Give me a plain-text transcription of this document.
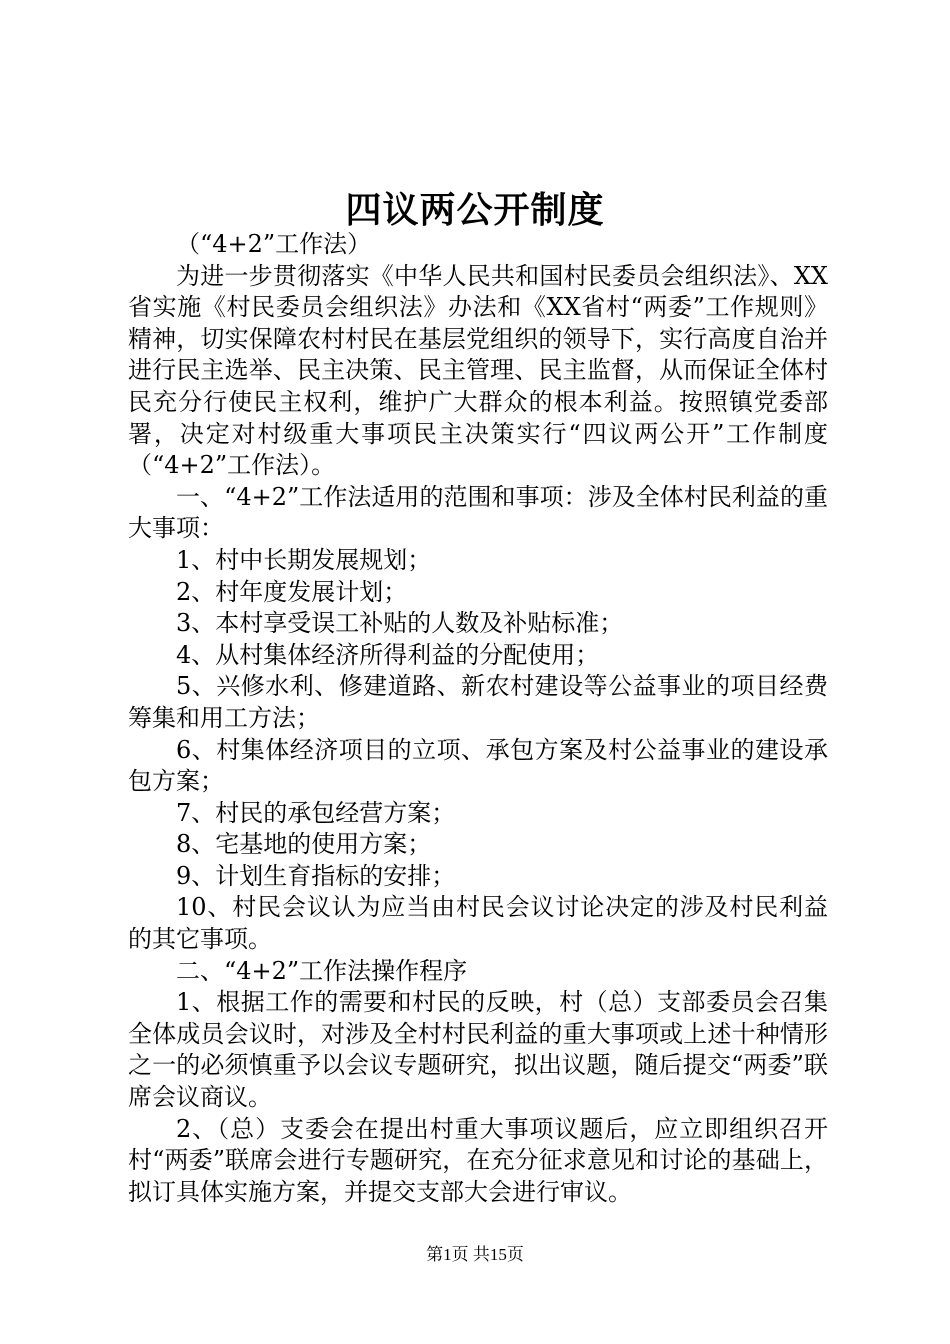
四议两公开制度

（“4+2”工作法）

为进一步贯彻落实《中华人民共和国村民委员会组织法》、XX省实施《村民委员会组织法》办法和《XX省村“两委”工作规则》精神，切实保障农村村民在基层党组织的领导下，实行高度自治并进行民主选举、民主决策、民主管理、民主监督，从而保证全体村民充分行使民主权利，维护广大群众的根本利益。按照镇党委部署，决定对村级重大事项民主决策实行“四议两公开”工作制度（“4+2”工作法）。

一、“4+2”工作法适用的范围和事项：涉及全体村民利益的重大事项：

1、村中长期发展规划；

2、村年度发展计划；

3、本村享受误工补贴的人数及补贴标准；

4、从村集体经济所得利益的分配使用；

5、兴修水利、修建道路、新农村建设等公益事业的项目经费筹集和用工方法；

6、村集体经济项目的立项、承包方案及村公益事业的建设承包方案；

7、村民的承包经营方案；

8、宅基地的使用方案；

9、计划生育指标的安排；

10、村民会议认为应当由村民会议讨论决定的涉及村民利益的其它事项。

二、“4+2”工作法操作程序

1、根据工作的需要和村民的反映，村（总）支部委员会召集全体成员会议时，对涉及全村村民利益的重大事项或上述十种情形之一的必须慎重予以会议专题研究，拟出议题，随后提交“两委”联席会议商议。

2、（总）支委会在提出村重大事项议题后，应立即组织召开村“两委”联席会进行专题研究，在充分征求意见和讨论的基础上，拟订具体实施方案，并提交支部大会进行审议。

第1页 共15页
